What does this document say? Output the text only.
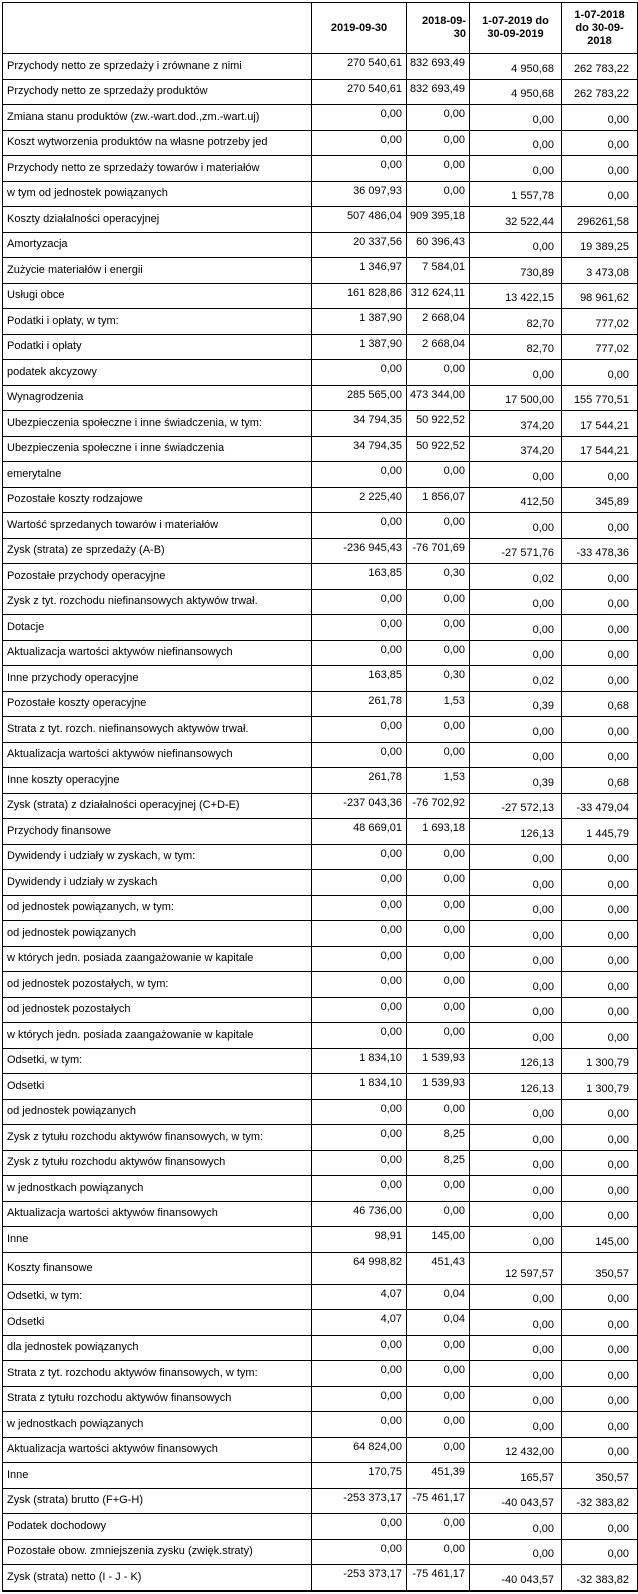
	2019-09-30	2018-09-30	1-07-2019 do 30-09-2019	1-07-2018 do 30-09-2018
Przychody netto ze sprzedaży i zrównane z nimi	270 540,61	832 693,49	4 950,68	262 783,22
Przychody netto ze sprzedaży produktów	270 540,61	832 693,49	4 950,68	262 783,22
Zmiana stanu produktów (zw.-wart.dod.,zm.-wart.uj)	0,00	0,00	0,00	0,00
Koszt wytworzenia produktów na własne potrzeby jed	0,00	0,00	0,00	0,00
Przychody netto ze sprzedaży towarów i materiałów	0,00	0,00	0,00	0,00
w tym od jednostek powiązanych	36 097,93	0,00	1 557,78	0,00
Koszty działalności operacyjnej	507 486,04	909 395,18	32 522,44	296261,58
Amortyzacja	20 337,56	60 396,43	0,00	19 389,25
Zużycie materiałów i energii	1 346,97	7 584,01	730,89	3 473,08
Usługi obce	161 828,86	312 624,11	13 422,15	98 961,62
Podatki i opłaty, w tym:	1 387,90	2 668,04	82,70	777,02
Podatki i opłaty	1 387,90	2 668,04	82,70	777,02
podatek akcyzowy	0,00	0,00	0,00	0,00
Wynagrodzenia	285 565,00	473 344,00	17 500,00	155 770,51
Ubezpieczenia społeczne i inne świadczenia, w tym:	34 794,35	50 922,52	374,20	17 544,21
Ubezpieczenia społeczne i inne świadczenia	34 794,35	50 922,52	374,20	17 544,21
emerytalne	0,00	0,00	0,00	0,00
Pozostałe koszty rodzajowe	2 225,40	1 856,07	412,50	345,89
Wartość sprzedanych towarów i materiałów	0,00	0,00	0,00	0,00
Zysk (strata) ze sprzedaży (A-B)	-236 945,43	-76 701,69	-27 571,76	-33 478,36
Pozostałe przychody operacyjne	163,85	0,30	0,02	0,00
Zysk z tyt. rozchodu niefinansowych aktywów trwał.	0,00	0,00	0,00	0,00
Dotacje	0,00	0,00	0,00	0,00
Aktualizacja wartości aktywów niefinansowych	0,00	0,00	0,00	0,00
Inne przychody operacyjne	163,85	0,30	0,02	0,00
Pozostałe koszty operacyjne	261,78	1,53	0,39	0,68
Strata z tyt. rozch. niefinansowych aktywów trwał.	0,00	0,00	0,00	0,00
Aktualizacja wartości aktywów niefinansowych	0,00	0,00	0,00	0,00
Inne koszty operacyjne	261,78	1,53	0,39	0,68
Zysk (strata) z działalności operacyjnej (C+D-E)	-237 043,36	-76 702,92	-27 572,13	-33 479,04
Przychody finansowe	48 669,01	1 693,18	126,13	1 445,79
Dywidendy i udziały w zyskach, w tym:	0,00	0,00	0,00	0,00
Dywidendy i udziały w zyskach	0,00	0,00	0,00	0,00
od jednostek powiązanych, w tym:	0,00	0,00	0,00	0,00
od jednostek powiązanych	0,00	0,00	0,00	0,00
w których jedn. posiada zaangażowanie w kapitale	0,00	0,00	0,00	0,00
od jednostek pozostałych, w tym:	0,00	0,00	0,00	0,00
od jednostek pozostałych	0,00	0,00	0,00	0,00
w których jedn. posiada zaangażowanie w kapitale	0,00	0,00	0,00	0,00
Odsetki, w tym:	1 834,10	1 539,93	126,13	1 300,79
Odsetki	1 834,10	1 539,93	126,13	1 300,79
od jednostek powiązanych	0,00	0,00	0,00	0,00
Zysk z tytułu rozchodu aktywów finansowych, w tym:	0,00	8,25	0,00	0,00
Zysk z tytułu rozchodu aktywów finansowych	0,00	8,25	0,00	0,00
w jednostkach powiązanych	0,00	0,00	0,00	0,00
Aktualizacja wartości aktywów finansowych	46 736,00	0,00	0,00	0,00
Inne	98,91	145,00	0,00	145,00
Koszty finansowe	64 998,82	451,43	12 597,57	350,57
Odsetki, w tym:	4,07	0,04	0,00	0,00
Odsetki	4,07	0,04	0,00	0,00
dla jednostek powiązanych	0,00	0,00	0,00	0,00
Strata z tyt. rozchodu aktywów finansowych, w tym:	0,00	0,00	0,00	0,00
Strata z tytułu rozchodu aktywów finansowych	0,00	0,00	0,00	0,00
w jednostkach powiązanych	0,00	0,00	0,00	0,00
Aktualizacja wartości aktywów finansowych	64 824,00	0,00	12 432,00	0,00
Inne	170,75	451,39	165,57	350,57
Zysk (strata) brutto (F+G-H)	-253 373,17	-75 461,17	-40 043,57	-32 383,82
Podatek dochodowy	0,00	0,00	0,00	0,00
Pozostałe obow. zmniejszenia zysku (zwięk.straty)	0,00	0,00	0,00	0,00
Zysk (strata) netto (I - J - K)	-253 373,17	-75 461,17	-40 043,57	-32 383,82
